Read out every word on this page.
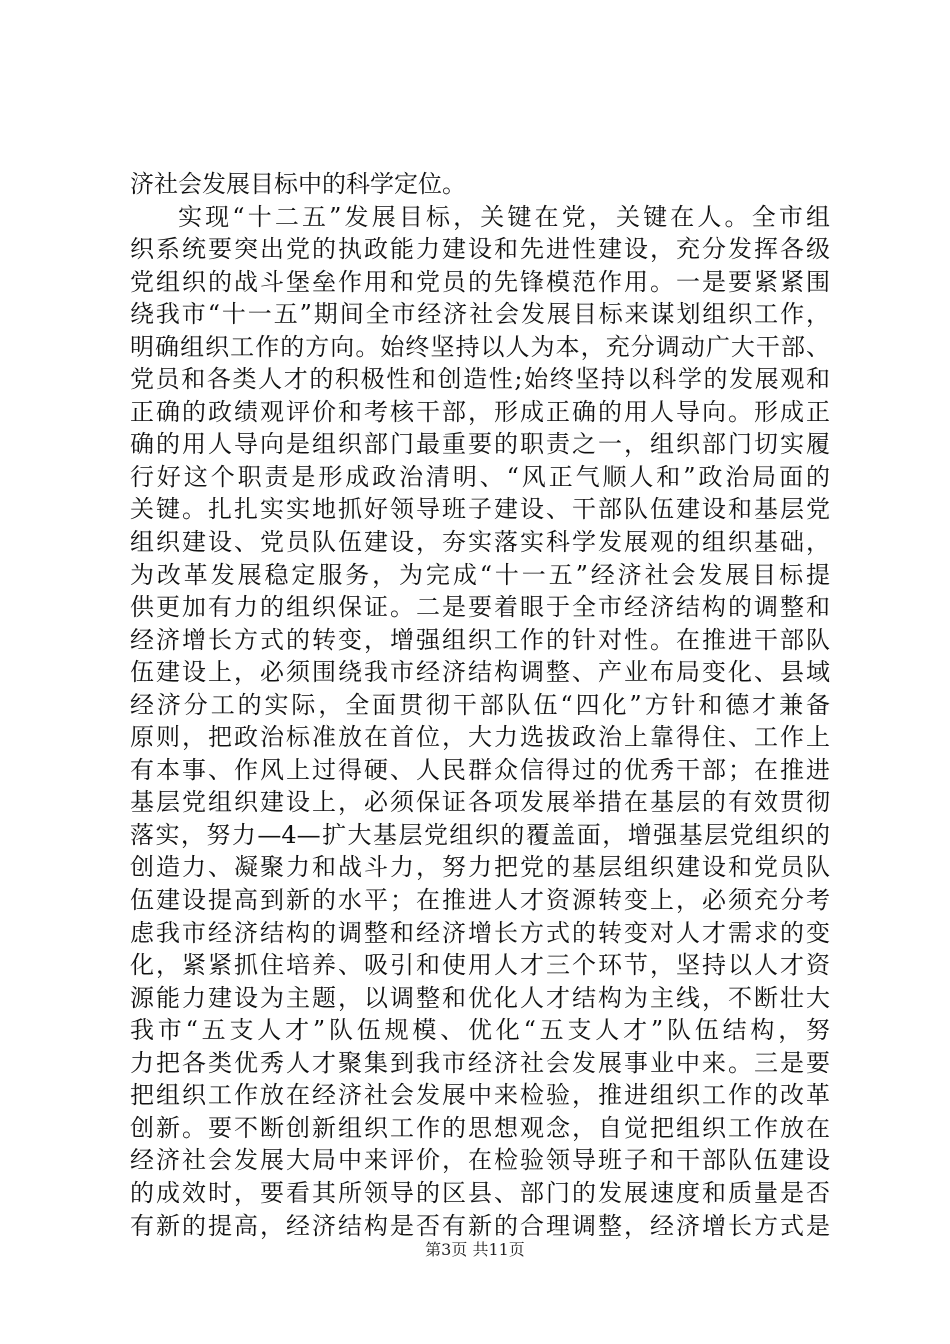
济社会发展目标中的科学定位。
实现“十二五”发展目标，关键在党，关键在人。全市组
织系统要突出党的执政能力建设和先进性建设，充分发挥各级
党组织的战斗堡垒作用和党员的先锋模范作用。一是要紧紧围
绕我市“十一五”期间全市经济社会发展目标来谋划组织工作，
明确组织工作的方向。始终坚持以人为本，充分调动广大干部、
党员和各类人才的积极性和创造性;始终坚持以科学的发展观和
正确的政绩观评价和考核干部，形成正确的用人导向。形成正
确的用人导向是组织部门最重要的职责之一，组织部门切实履
行好这个职责是形成政治清明、“风正气顺人和”政治局面的
关键。扎扎实实地抓好领导班子建设、干部队伍建设和基层党
组织建设、党员队伍建设，夯实落实科学发展观的组织基础，
为改革发展稳定服务，为完成“十一五”经济社会发展目标提
供更加有力的组织保证。二是要着眼于全市经济结构的调整和
经济增长方式的转变，增强组织工作的针对性。在推进干部队
伍建设上，必须围绕我市经济结构调整、产业布局变化、县域
经济分工的实际，全面贯彻干部队伍“四化”方针和德才兼备
原则，把政治标准放在首位，大力选拔政治上靠得住、工作上
有本事、作风上过得硬、人民群众信得过的优秀干部；在推进
基层党组织建设上，必须保证各项发展举措在基层的有效贯彻
落实，努力—4—扩大基层党组织的覆盖面，增强基层党组织的
创造力、凝聚力和战斗力，努力把党的基层组织建设和党员队
伍建设提高到新的水平；在推进人才资源转变上，必须充分考
虑我市经济结构的调整和经济增长方式的转变对人才需求的变
化，紧紧抓住培养、吸引和使用人才三个环节，坚持以人才资
源能力建设为主题，以调整和优化人才结构为主线，不断壮大
我市“五支人才”队伍规模、优化“五支人才”队伍结构，努
力把各类优秀人才聚集到我市经济社会发展事业中来。三是要
把组织工作放在经济社会发展中来检验，推进组织工作的改革
创新。要不断创新组织工作的思想观念，自觉把组织工作放在
经济社会发展大局中来评价，在检验领导班子和干部队伍建设
的成效时，要看其所领导的区县、部门的发展速度和质量是否
有新的提高，经济结构是否有新的合理调整，经济增长方式是
第3页 共11页
